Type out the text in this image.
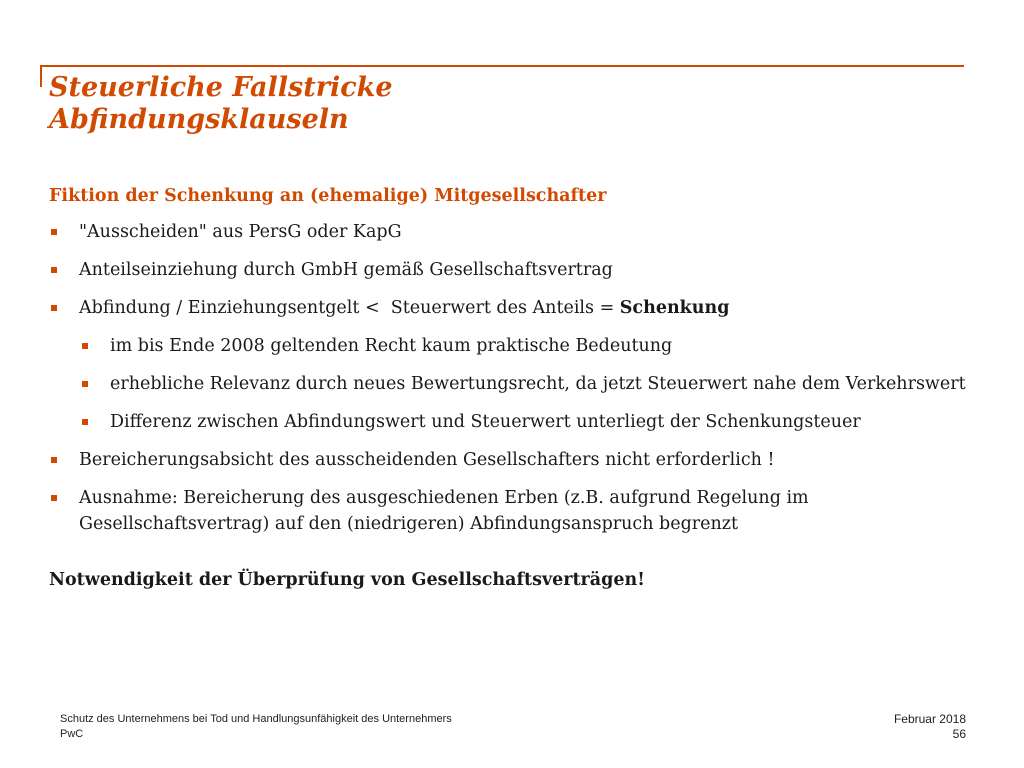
Steuerliche Fallstricke
Abfindungsklauseln
Fiktion der Schenkung an (ehemalige) Mitgesellschafter
"Ausscheiden" aus PersG oder KapG
Anteilseinziehung durch GmbH gemäß Gesellschaftsvertrag
Abfindung / Einziehungsentgelt <  Steuerwert des Anteils = Schenkung
im bis Ende 2008 geltenden Recht kaum praktische Bedeutung
erhebliche Relevanz durch neues Bewertungsrecht, da jetzt Steuerwert nahe dem Verkehrswert
Differenz zwischen Abfindungswert und Steuerwert unterliegt der Schenkungsteuer
Bereicherungsabsicht des ausscheidenden Gesellschafters nicht erforderlich !
Ausnahme: Bereicherung des ausgeschiedenen Erben (z.B. aufgrund Regelung im Gesellschaftsvertrag) auf den (niedrigeren) Abfindungsanspruch begrenzt
Notwendigkeit der Überprüfung von Gesellschaftsverträgen!
Schutz des Unternehmens bei Tod und Handlungsunfähigkeit des Unternehmers
PwC
Februar 2018
56
